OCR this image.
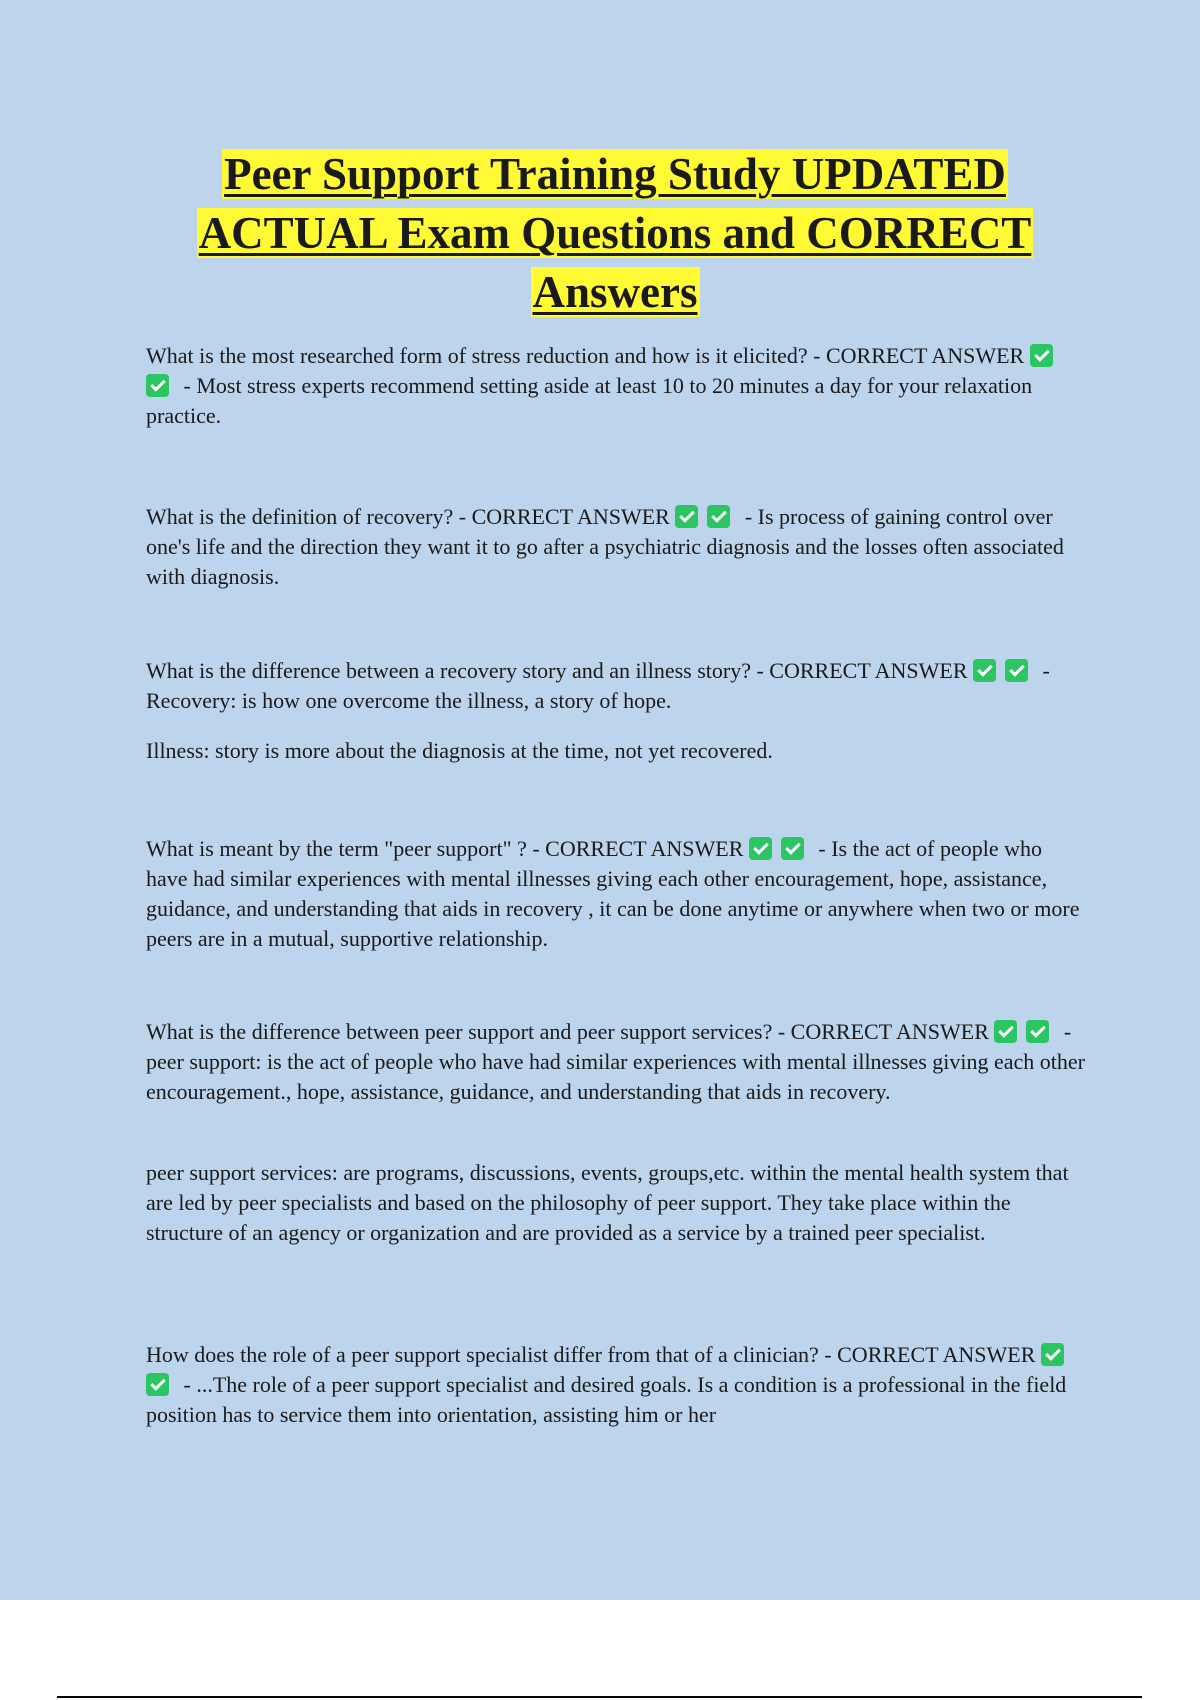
Peer Support Training Study UPDATED
ACTUAL Exam Questions and CORRECT
Answers

What is the most researched form of stress reduction and how is it elicited? - CORRECT ANSWER  - Most stress experts recommend setting aside at least 10 to 20 minutes a day for your relaxation practice.

What is the definition of recovery? - CORRECT ANSWER	- Is process of gaining control over one's life and the direction they want it to go after a psychiatric diagnosis and the losses often associated with diagnosis.

What is the difference between a recovery story and an illness story? - CORRECT ANSWER	- Recovery: is how one overcome the illness, a story of hope.

Illness: story is more about the diagnosis at the time, not yet recovered.

What is meant by the term "peer support" ? - CORRECT ANSWER	- Is the act of people who have had similar experiences with mental illnesses giving each other encouragement, hope, assistance, guidance, and understanding that aids in recovery , it can be done anytime or anywhere when two or more peers are in a mutual, supportive relationship.

What is the difference between peer support and peer support services? - CORRECT ANSWER	- peer support: is the act of people who have had similar experiences with mental illnesses giving each other encouragement., hope, assistance, guidance, and understanding that aids in recovery.

peer support services: are programs, discussions, events, groups,etc. within the mental health system that are led by peer specialists and based on the philosophy of peer support. They take place within the structure of an agency or organization and are provided as a service by a trained peer specialist.

How does the role of a peer support specialist differ from that of a clinician? - CORRECT ANSWER  - ...The role of a peer support specialist and desired goals. Is a condition is a professional in the field position has to service them into orientation, assisting him or her
